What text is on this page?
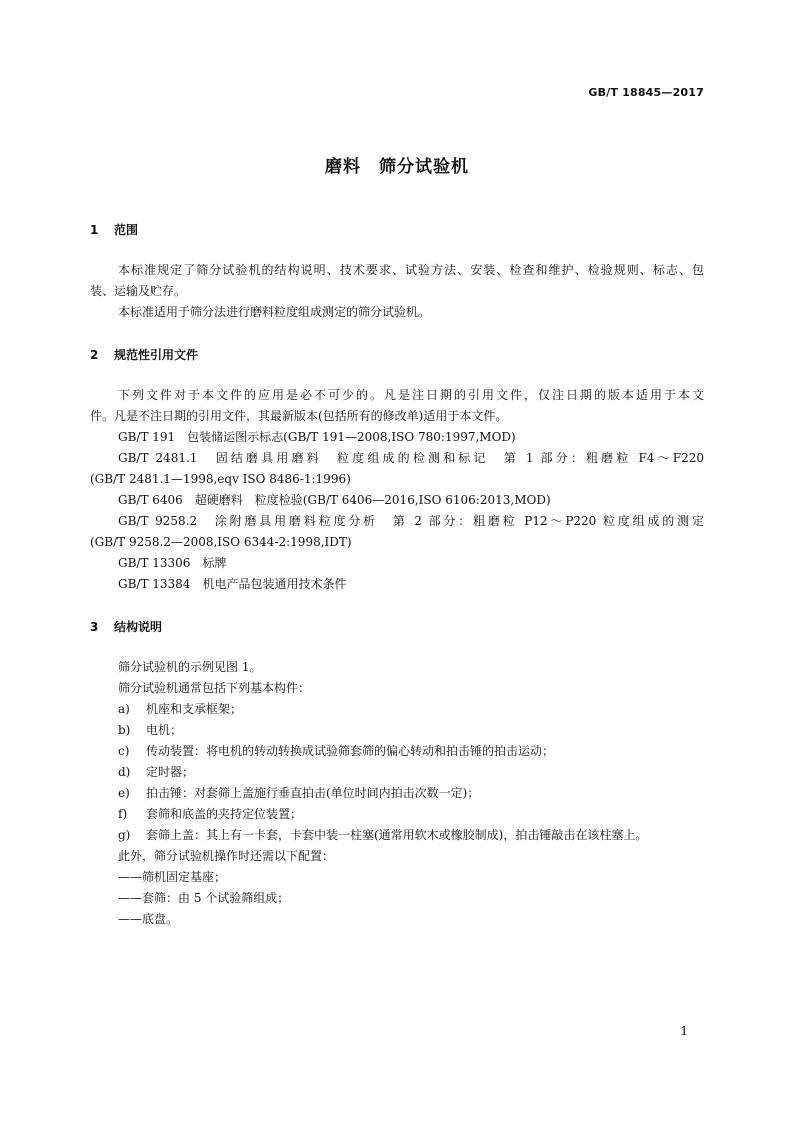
GB/T 18845—2017
磨料　筛分试验机
1 范围
本标准规定了筛分试验机的结构说明、技术要求、试验方法、安装、检查和维护、检验规则、标志、包
装、运输及贮存。
本标准适用于筛分法进行磨料粒度组成测定的筛分试验机。
2 规范性引用文件
下列文件对于本文件的应用是必不可少的。凡是注日期的引用文件，仅注日期的版本适用于本文
件。凡是不注日期的引用文件，其最新版本(包括所有的修改单)适用于本文件。
GB/T 191　包装储运图示标志(GB/T 191—2008,ISO 780:1997,MOD)
GB/T 2481.1　固结磨具用磨料　粒度组成的检测和标记　第 1 部分：粗磨粒 F4～F220
(GB/T 2481.1—1998,eqv ISO 8486-1:1996)
GB/T 6406　超硬磨料　粒度检验(GB/T 6406—2016,ISO 6106:2013,MOD)
GB/T 9258.2　涂附磨具用磨料粒度分析　第 2 部分：粗磨粒 P12～P220 粒度组成的测定
(GB/T 9258.2—2008,ISO 6344-2:1998,IDT)
GB/T 13306　标牌
GB/T 13384　机电产品包装通用技术条件
3 结构说明
筛分试验机的示例见图 1。
筛分试验机通常包括下列基本构件：
a) 机座和支承框架；
b) 电机；
c) 传动装置：将电机的转动转换成试验筛套筛的偏心转动和拍击锤的拍击运动；
d) 定时器；
e) 拍击锤：对套筛上盖施行垂直拍击(单位时间内拍击次数一定)；
f) 套筛和底盖的夹持定位装置；
g) 套筛上盖：其上有一卡套，卡套中装一柱塞(通常用软木或橡胶制成)，拍击锤敲击在该柱塞上。
此外，筛分试验机操作时还需以下配置：
——筛机固定基座；
——套筛：由 5 个试验筛组成；
——底盘。
1
